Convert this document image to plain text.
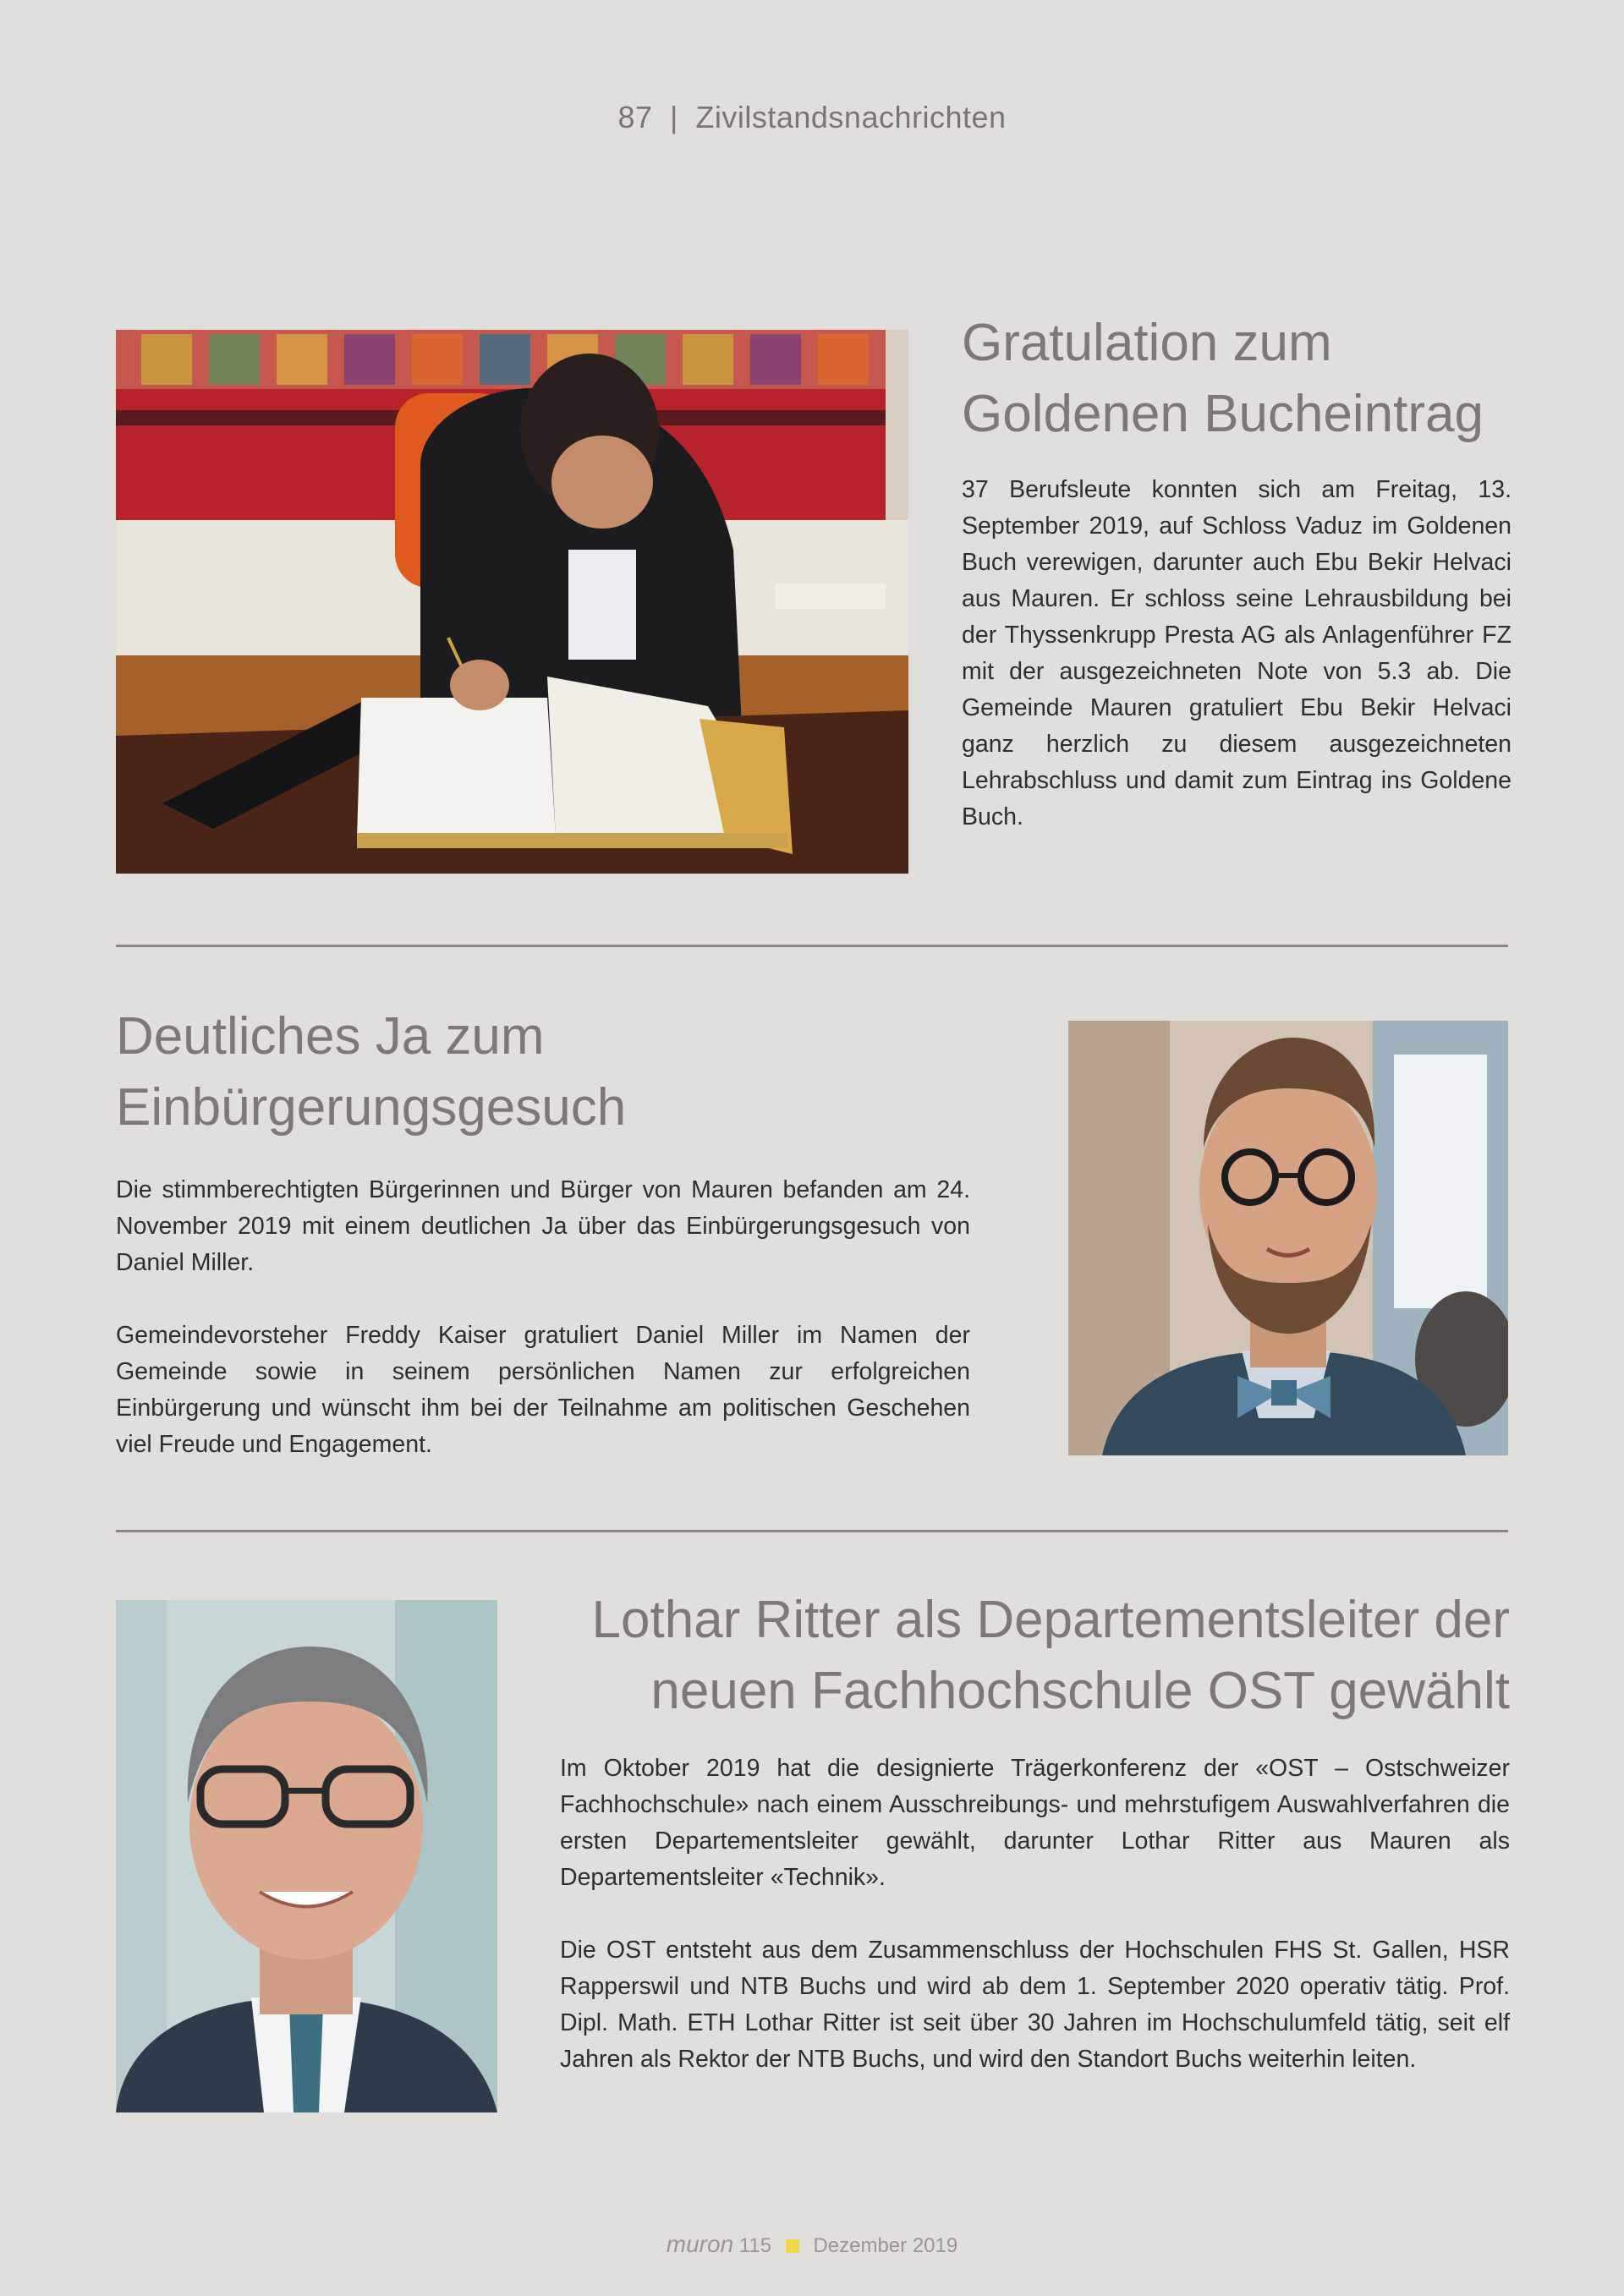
87 | Zivilstandsnachrichten
Gratulation zum
Goldenen Bucheintrag

37 Berufsleute konnten sich am Freitag, 13. September 2019, auf Schloss Vaduz im Goldenen Buch verewigen, darunter auch Ebu Bekir Helvaci aus Mauren. Er schloss seine Lehrausbildung bei der Thyssenkrupp Presta AG als Anlagenführer FZ mit der ausgezeichneten Note von 5.3 ab. Die Gemeinde Mauren gratuliert Ebu Bekir Helvaci ganz herzlich zu diesem ausgezeichneten Lehrabschluss und damit zum Eintrag ins Goldene Buch.

Deutliches Ja zum
Einbürgerungsgesuch

Die stimmberechtigten Bürgerinnen und Bürger von Mauren befanden am 24. November 2019 mit einem deutlichen Ja über das Einbürgerungsgesuch von Daniel Miller.

Gemeindevorsteher Freddy Kaiser gratuliert Daniel Miller im Namen der Gemeinde sowie in seinem persönlichen Namen zur erfolgreichen Einbürgerung und wünscht ihm bei der Teilnahme am politischen Geschehen viel Freude und Engagement.

Lothar Ritter als Departementsleiter der
neuen Fachhochschule OST gewählt

Im Oktober 2019 hat die designierte Trägerkonferenz der «OST – Ostschweizer Fachhochschule» nach einem Ausschreibungs- und mehrstufigem Auswahlverfahren die ersten Departementsleiter gewählt, darunter Lothar Ritter aus Mauren als Departementsleiter «Technik».

Die OST entsteht aus dem Zusammenschluss der Hochschulen FHS St. Gallen, HSR Rapperswil und NTB Buchs und wird ab dem 1. September 2020 operativ tätig. Prof. Dipl. Math. ETH Lothar Ritter ist seit über 30 Jahren im Hochschulumfeld tätig, seit elf Jahren als Rektor der NTB Buchs, und wird den Standort Buchs weiterhin leiten.

muron 115 Dezember 2019
